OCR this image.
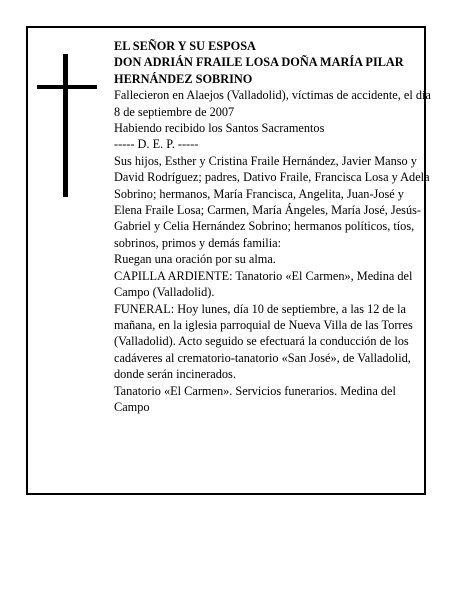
EL SEÑOR Y SU ESPOSA

DON ADRIÁN FRAILE LOSA DOÑA MARÍA PILAR HERNÁNDEZ SOBRINO

Fallecieron en Alaejos (Valladolid), víctimas de accidente, el día 8 de septiembre de 2007

Habiendo recibido los Santos Sacramentos

----- D. E. P. -----

Sus hijos, Esther y Cristina Fraile Hernández, Javier Manso y David Rodríguez; padres, Dativo Fraile, Francisca Losa y Adela Sobrino; hermanos, María Francisca, Angelita, Juan-José y Elena Fraile Losa; Carmen, María Ángeles, María José, Jesús-Gabriel y Celia Hernández Sobrino; hermanos políticos, tíos, sobrinos, primos y demás familia:

Ruegan una oración por su alma.

CAPILLA ARDIENTE: Tanatorio «El Carmen», Medina del Campo (Valladolid).

FUNERAL: Hoy lunes, día 10 de septiembre, a las 12 de la mañana, en la iglesia parroquial de Nueva Villa de las Torres (Valladolid). Acto seguido se efectuará la conducción de los cadáveres al crematorio-tanatorio «San José», de Valladolid, donde serán incinerados.

Tanatorio «El Carmen». Servicios funerarios. Medina del Campo
